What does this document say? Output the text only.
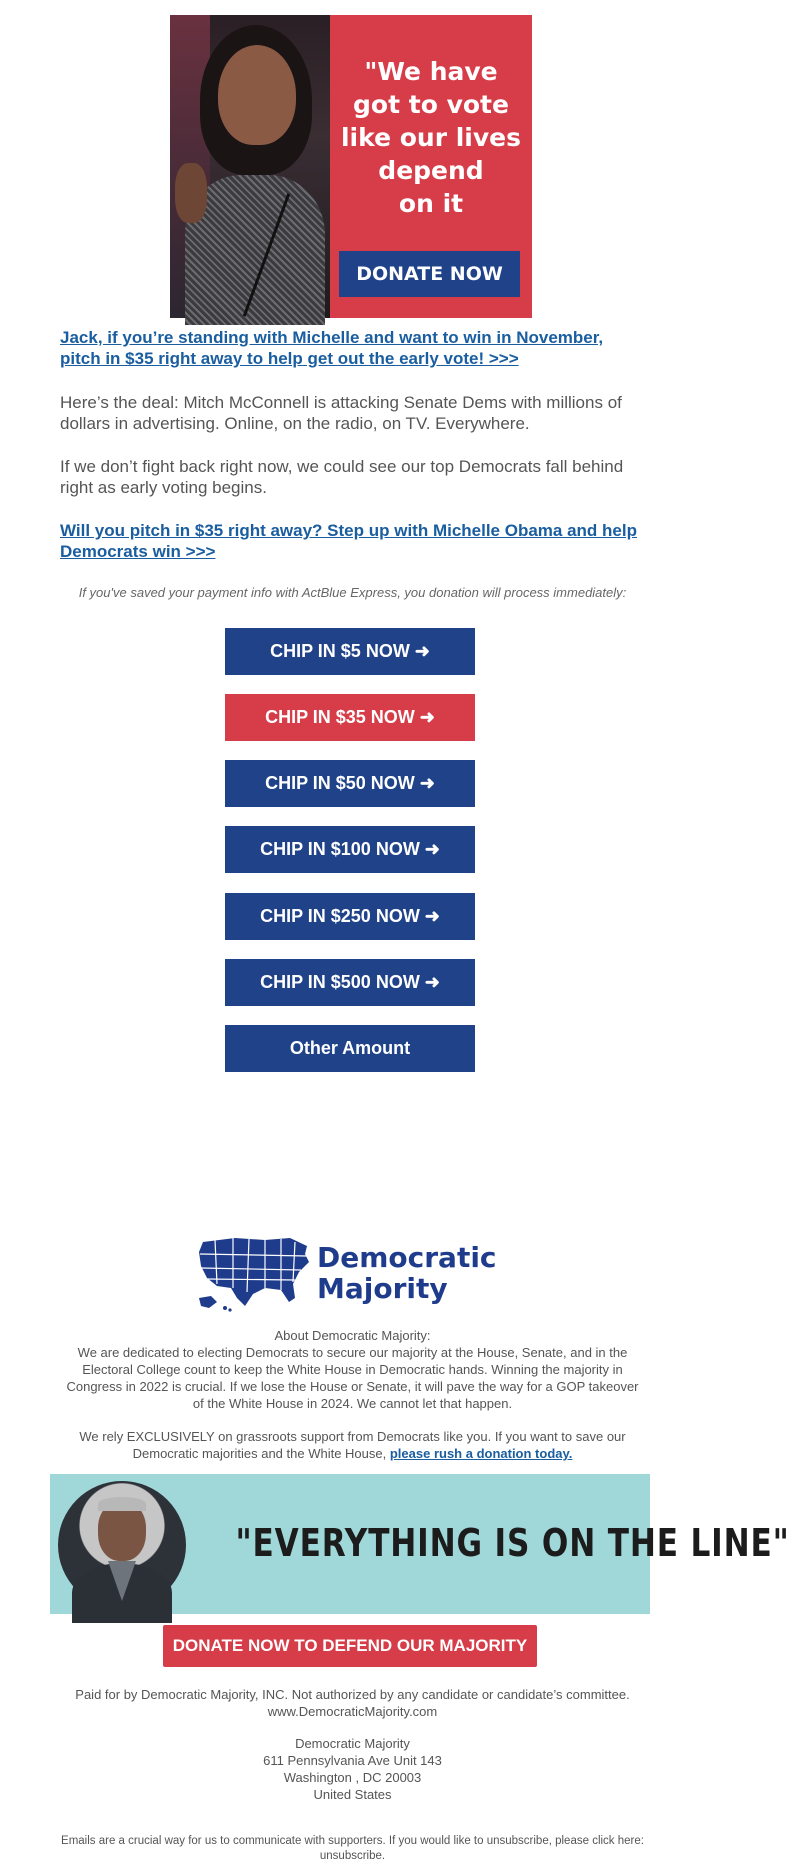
"We have
got to vote
like our lives
depend
on it
DONATE NOW
Jack, if you’re standing with Michelle and want to win in November, pitch in $35 right away to help get out the early vote! >>>
Here’s the deal: Mitch McConnell is attacking Senate Dems with millions of dollars in advertising. Online, on the radio, on TV. Everywhere.
If we don’t fight back right now, we could see our top Democrats fall behind right as early voting begins.
Will you pitch in $35 right away? Step up with Michelle Obama and help Democrats win >>>
If you've saved your payment info with ActBlue Express, you donation will process immediately:
CHIP IN $5 NOW ➜
CHIP IN $35 NOW ➜
CHIP IN $50 NOW ➜
CHIP IN $100 NOW ➜
CHIP IN $250 NOW ➜
CHIP IN $500 NOW ➜
Other Amount
Democratic
Majority
About Democratic Majority:
We are dedicated to electing Democrats to secure our majority at the House, Senate, and in the Electoral College count to keep the White House in Democratic hands. Winning the majority in Congress in 2022 is crucial. If we lose the House or Senate, it will pave the way for a GOP takeover of the White House in 2024. We cannot let that happen.
We rely EXCLUSIVELY on grassroots support from Democrats like you. If you want to save our Democratic majorities and the White House, please rush a donation today.
"EVERYTHING IS ON THE LINE"
DONATE NOW TO DEFEND OUR MAJORITY
Paid for by Democratic Majority, INC. Not authorized by any candidate or candidate’s committee. www.DemocraticMajority.com
Democratic Majority
611 Pennsylvania Ave Unit 143
Washington , DC 20003
United States
Emails are a crucial way for us to communicate with supporters. If you would like to unsubscribe, please click here: unsubscribe.
